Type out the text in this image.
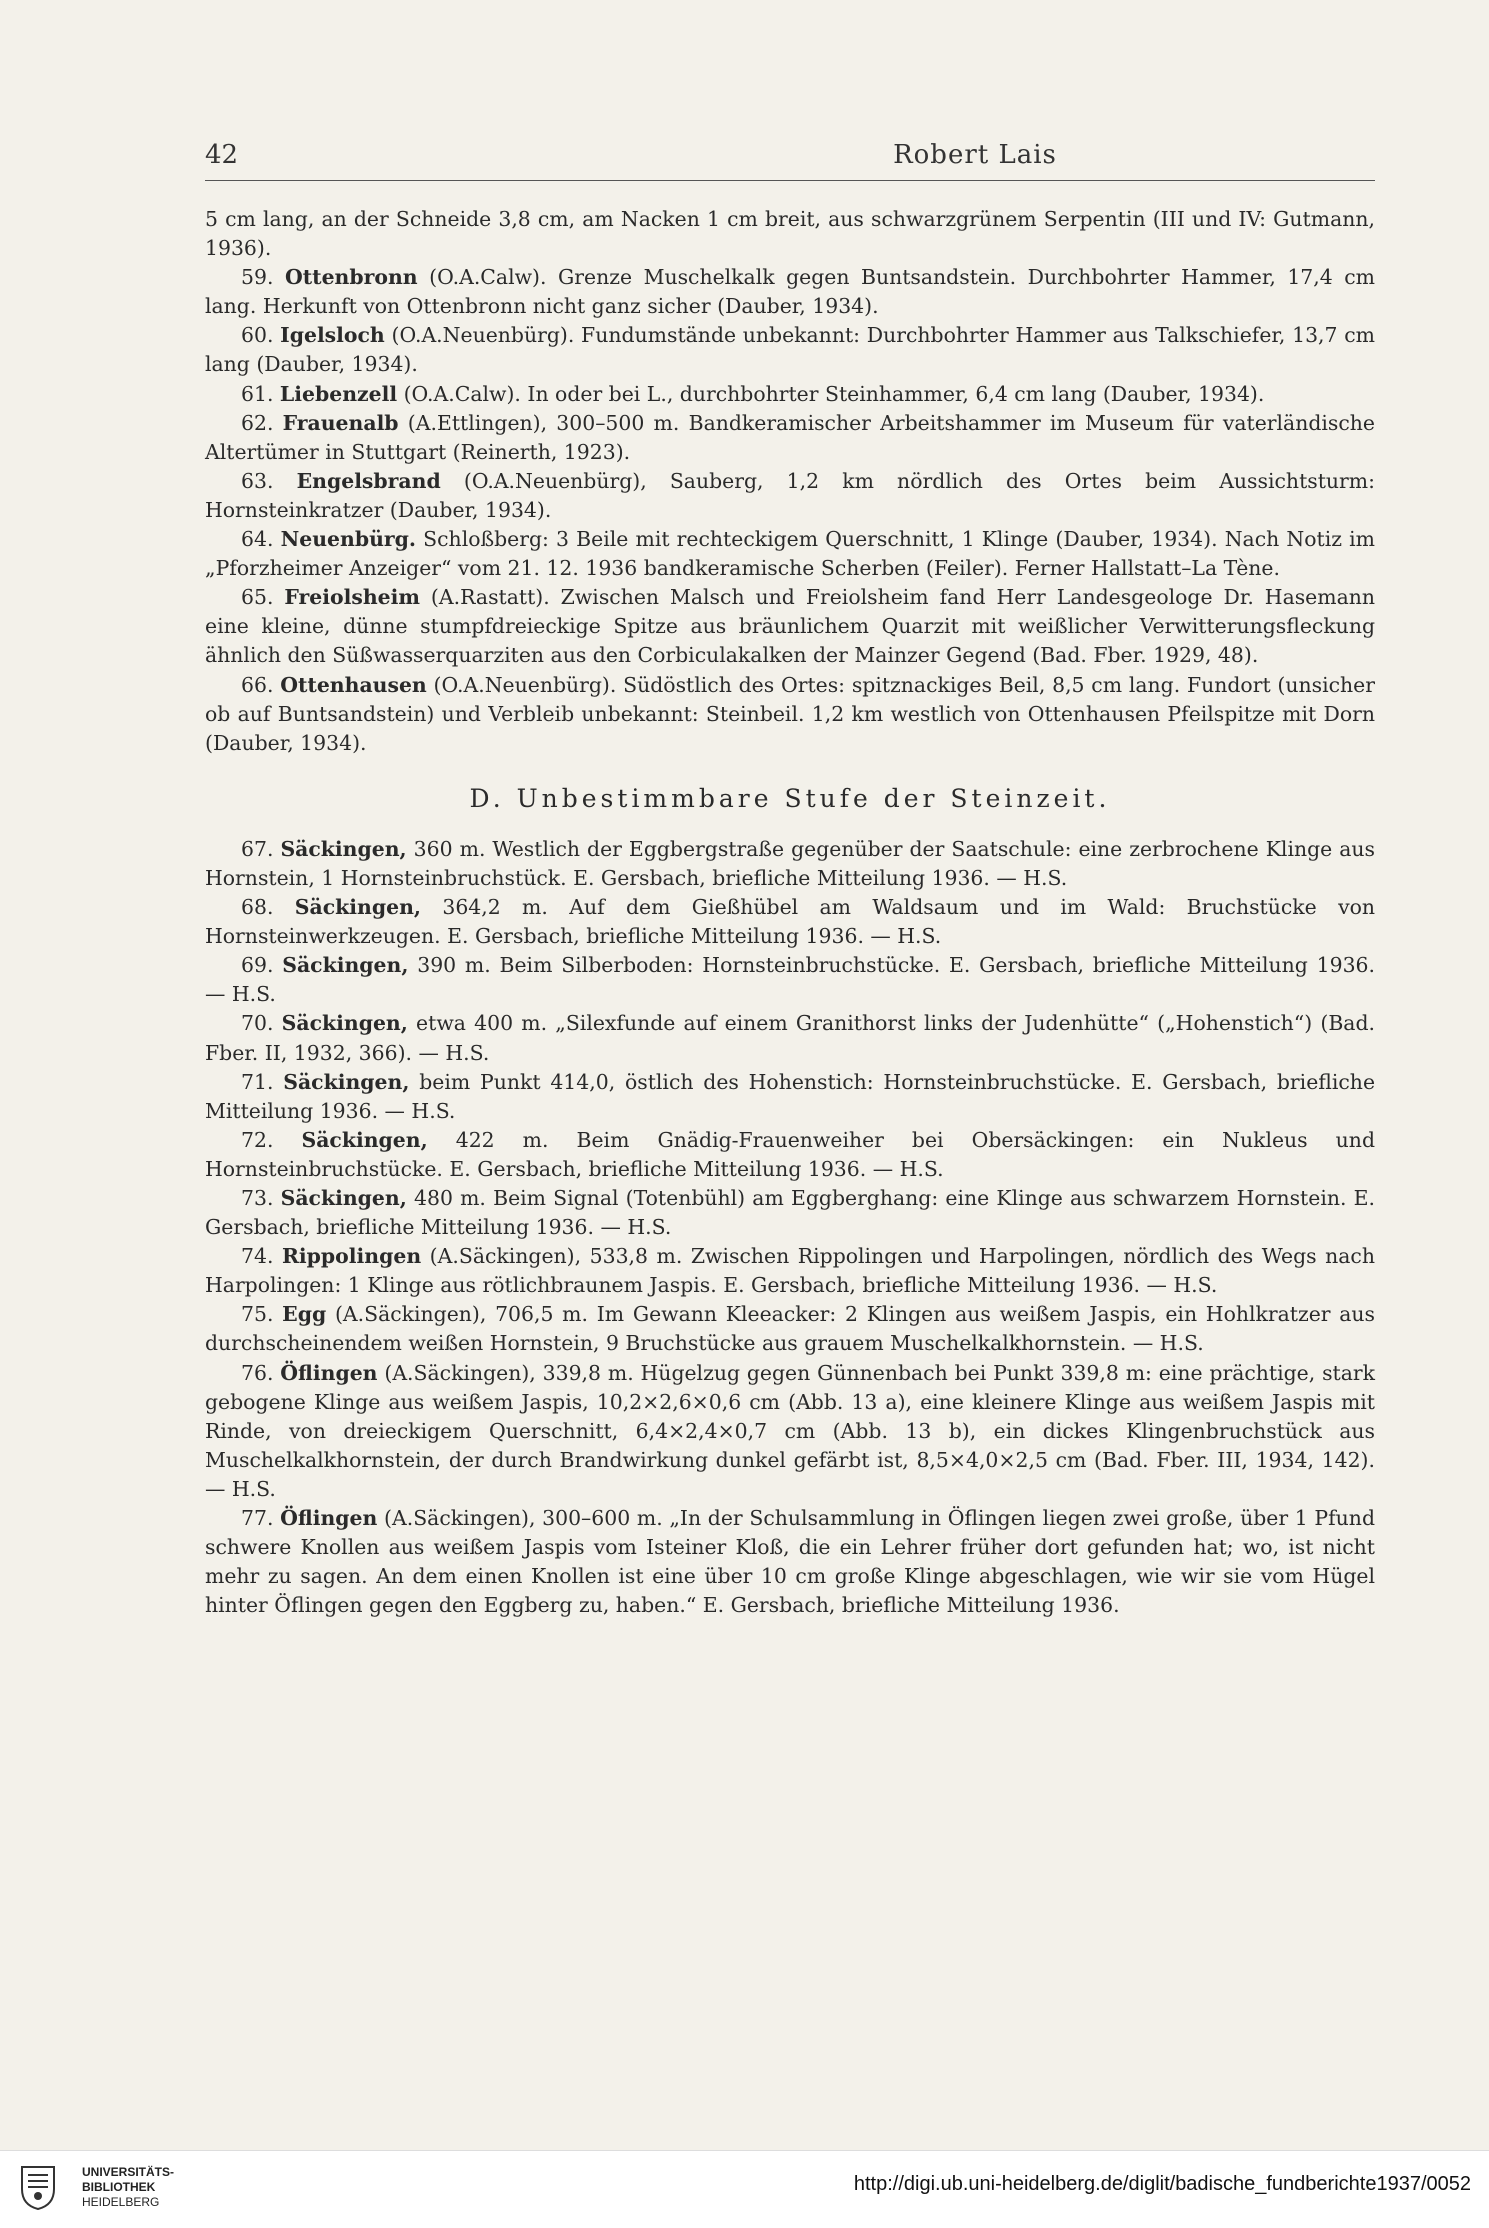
42	Robert Lais

5 cm lang, an der Schneide 3,8 cm, am Nacken 1 cm breit, aus schwarzgrünem Serpentin (III und IV: Gutmann, 1936).

59. Ottenbronn (O.A.Calw). Grenze Muschelkalk gegen Buntsandstein. Durchbohrter Hammer, 17,4 cm lang. Herkunft von Ottenbronn nicht ganz sicher (Dauber, 1934).

60. Igelsloch (O.A.Neuenbürg). Fundumstände unbekannt: Durchbohrter Hammer aus Talkschiefer, 13,7 cm lang (Dauber, 1934).

61. Liebenzell (O.A.Calw). In oder bei L., durchbohrter Steinhammer, 6,4 cm lang (Dauber, 1934).

62. Frauenalb (A.Ettlingen), 300–500 m. Bandkeramischer Arbeitshammer im Museum für vaterländische Altertümer in Stuttgart (Reinerth, 1923).

63. Engelsbrand (O.A.Neuenbürg), Sauberg, 1,2 km nördlich des Ortes beim Aussichtsturm: Hornsteinkratzer (Dauber, 1934).

64. Neuenbürg. Schloßberg: 3 Beile mit rechteckigem Querschnitt, 1 Klinge (Dauber, 1934). Nach Notiz im „Pforzheimer Anzeiger“ vom 21. 12. 1936 bandkeramische Scherben (Feiler). Ferner Hallstatt–La Tène.

65. Freiolsheim (A.Rastatt). Zwischen Malsch und Freiolsheim fand Herr Landesgeologe Dr. Hasemann eine kleine, dünne stumpfdreieckige Spitze aus bräunlichem Quarzit mit weißlicher Verwitterungsfleckung ähnlich den Süßwasserquarziten aus den Corbiculakalken der Mainzer Gegend (Bad. Fber. 1929, 48).

66. Ottenhausen (O.A.Neuenbürg). Südöstlich des Ortes: spitznackiges Beil, 8,5 cm lang. Fundort (unsicher ob auf Buntsandstein) und Verbleib unbekannt: Steinbeil. 1,2 km westlich von Ottenhausen Pfeilspitze mit Dorn (Dauber, 1934).

D. Unbestimmbare Stufe der Steinzeit.

67. Säckingen, 360 m. Westlich der Eggbergstraße gegenüber der Saatschule: eine zerbrochene Klinge aus Hornstein, 1 Hornsteinbruchstück. E. Gersbach, briefliche Mitteilung 1936. — H.S.

68. Säckingen, 364,2 m. Auf dem Gießhübel am Waldsaum und im Wald: Bruchstücke von Hornsteinwerkzeugen. E. Gersbach, briefliche Mitteilung 1936. — H.S.

69. Säckingen, 390 m. Beim Silberboden: Hornsteinbruchstücke. E. Gersbach, briefliche Mitteilung 1936. — H.S.

70. Säckingen, etwa 400 m. „Silexfunde auf einem Granithorst links der Judenhütte“ („Hohenstich“) (Bad. Fber. II, 1932, 366). — H.S.

71. Säckingen, beim Punkt 414,0, östlich des Hohenstich: Hornsteinbruchstücke. E. Gersbach, briefliche Mitteilung 1936. — H.S.

72. Säckingen, 422 m. Beim Gnädig-Frauenweiher bei Obersäckingen: ein Nukleus und Hornsteinbruchstücke. E. Gersbach, briefliche Mitteilung 1936. — H.S.

73. Säckingen, 480 m. Beim Signal (Totenbühl) am Eggberghang: eine Klinge aus schwarzem Hornstein. E. Gersbach, briefliche Mitteilung 1936. — H.S.

74. Rippolingen (A.Säckingen), 533,8 m. Zwischen Rippolingen und Harpolingen, nördlich des Wegs nach Harpolingen: 1 Klinge aus rötlichbraunem Jaspis. E. Gersbach, briefliche Mitteilung 1936. — H.S.

75. Egg (A.Säckingen), 706,5 m. Im Gewann Kleeacker: 2 Klingen aus weißem Jaspis, ein Hohlkratzer aus durchscheinendem weißen Hornstein, 9 Bruchstücke aus grauem Muschelkalkhornstein. — H.S.

76. Öflingen (A.Säckingen), 339,8 m. Hügelzug gegen Günnenbach bei Punkt 339,8 m: eine prächtige, stark gebogene Klinge aus weißem Jaspis, 10,2×2,6×0,6 cm (Abb. 13 a), eine kleinere Klinge aus weißem Jaspis mit Rinde, von dreieckigem Querschnitt, 6,4×2,4×0,7 cm (Abb. 13 b), ein dickes Klingenbruchstück aus Muschelkalkhornstein, der durch Brandwirkung dunkel gefärbt ist, 8,5×4,0×2,5 cm (Bad. Fber. III, 1934, 142). — H.S.

77. Öflingen (A.Säckingen), 300–600 m. „In der Schulsammlung in Öflingen liegen zwei große, über 1 Pfund schwere Knollen aus weißem Jaspis vom Isteiner Kloß, die ein Lehrer früher dort gefunden hat; wo, ist nicht mehr zu sagen. An dem einen Knollen ist eine über 10 cm große Klinge abgeschlagen, wie wir sie vom Hügel hinter Öflingen gegen den Eggberg zu, haben.“ E. Gersbach, briefliche Mitteilung 1936.

UNIVERSITÄTS-
BIBLIOTHEK
HEIDELBERG
http://digi.ub.uni-heidelberg.de/diglit/badische_fundberichte1937/0052
